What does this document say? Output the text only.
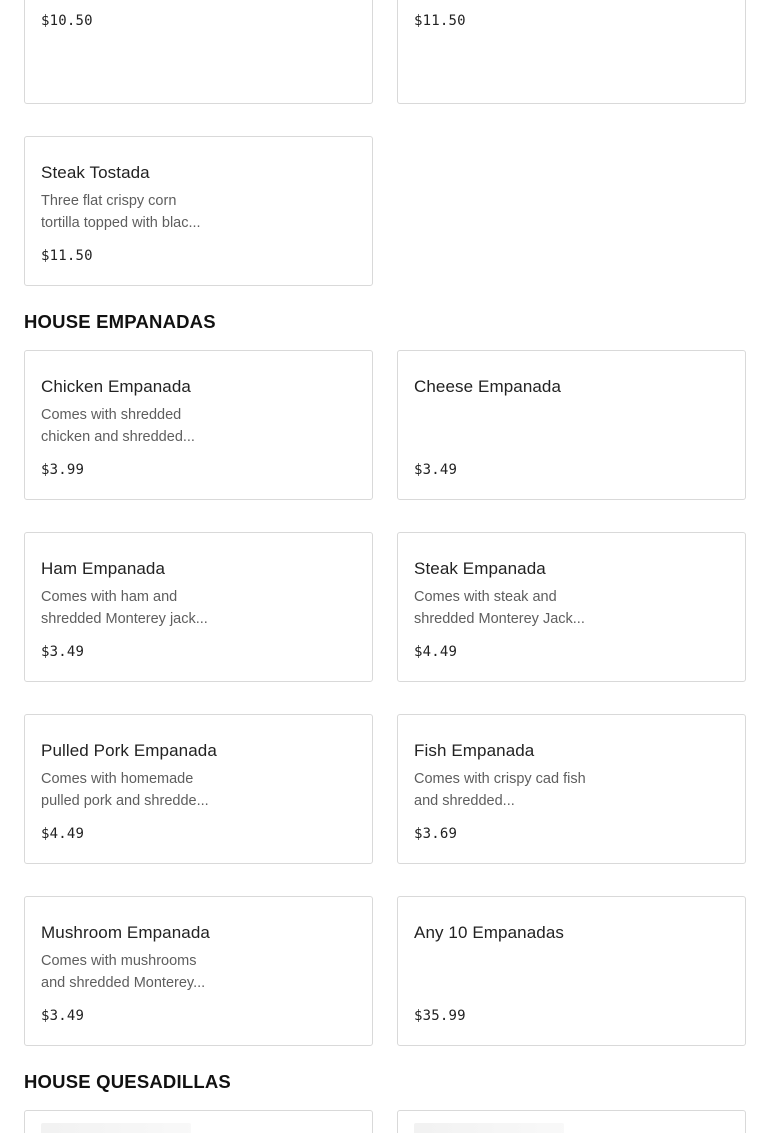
$10.50	$11.50
Steak Tostada
Three flat crispy corn tortilla topped with blac...
$11.50
HOUSE EMPANADAS
Chicken Empanada
Comes with shredded chicken and shredded...
$3.99
Cheese Empanada
$3.49
Ham Empanada
Comes with ham and shredded Monterey jack...
$3.49
Steak Empanada
Comes with steak and shredded Monterey Jack...
$4.49
Pulled Pork Empanada
Comes with homemade pulled pork and shredde...
$4.49
Fish Empanada
Comes with crispy cad fish and shredded...
$3.69
Mushroom Empanada
Comes with mushrooms and shredded Monterey...
$3.49
Any 10 Empanadas
$35.99
HOUSE QUESADILLAS
